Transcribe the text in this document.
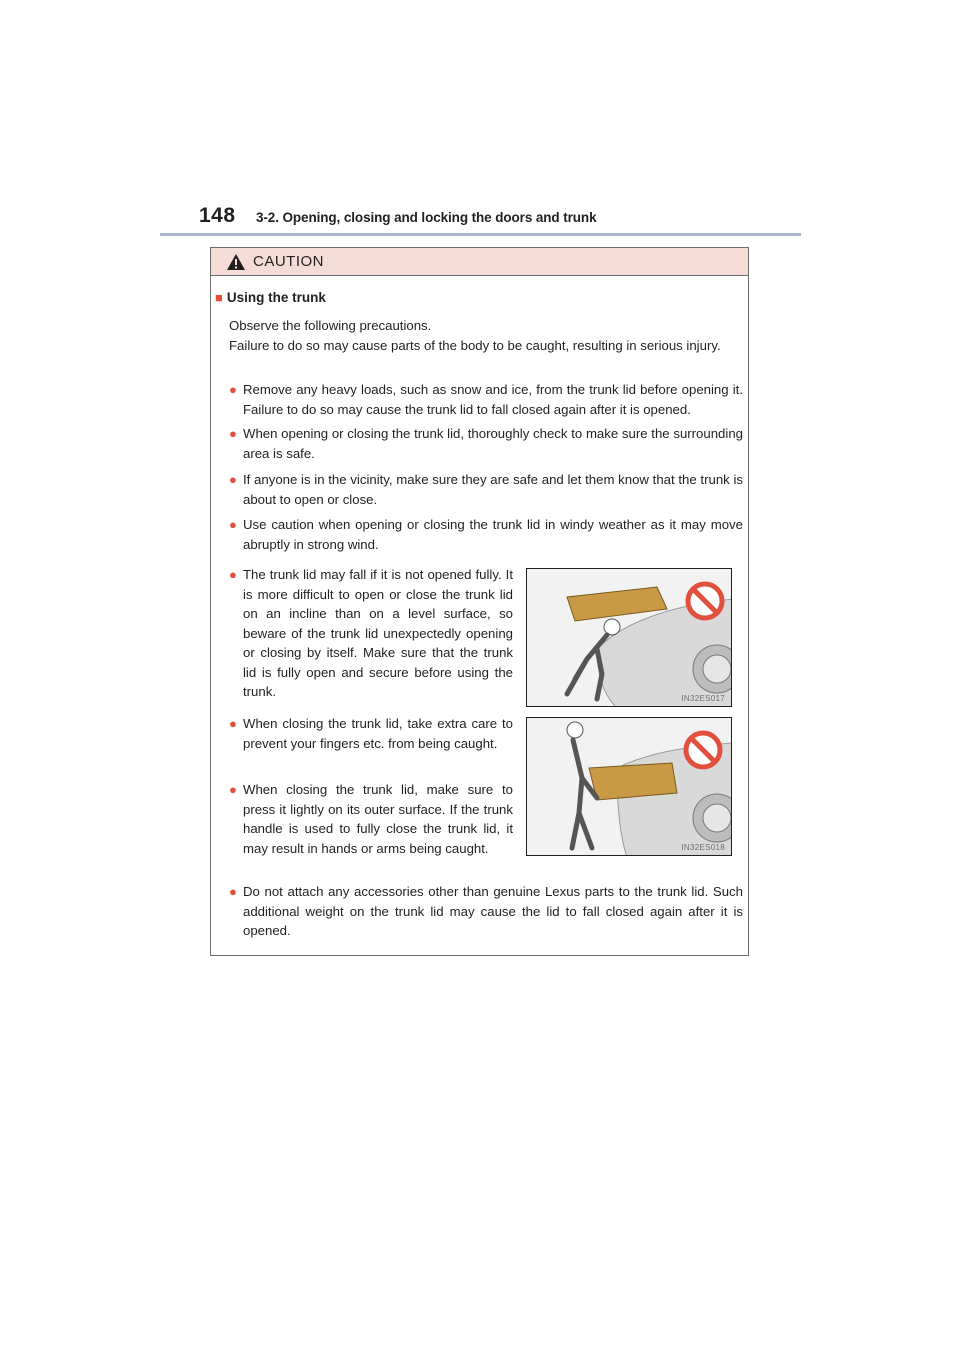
148 3-2. Opening, closing and locking the doors and trunk
CAUTION
■ Using the trunk
Observe the following precautions.
Failure to do so may cause parts of the body to be caught, resulting in serious injury.
● Remove any heavy loads, such as snow and ice, from the trunk lid before opening it. Failure to do so may cause the trunk lid to fall closed again after it is opened.
● When opening or closing the trunk lid, thoroughly check to make sure the surrounding area is safe.
● If anyone is in the vicinity, make sure they are safe and let them know that the trunk is about to open or close.
● Use caution when opening or closing the trunk lid in windy weather as it may move abruptly in strong wind.
● The trunk lid may fall if it is not opened fully. It is more difficult to open or close the trunk lid on an incline than on a level surface, so beware of the trunk lid unexpectedly opening or closing by itself. Make sure that the trunk lid is fully open and secure before using the trunk.
● When closing the trunk lid, take extra care to prevent your fingers etc. from being caught.
● When closing the trunk lid, make sure to press it lightly on its outer surface. If the trunk handle is used to fully close the trunk lid, it may result in hands or arms being caught.
● Do not attach any accessories other than genuine Lexus parts to the trunk lid. Such additional weight on the trunk lid may cause the lid to fall closed again after it is opened.
IN32ES017
IN32ES018
